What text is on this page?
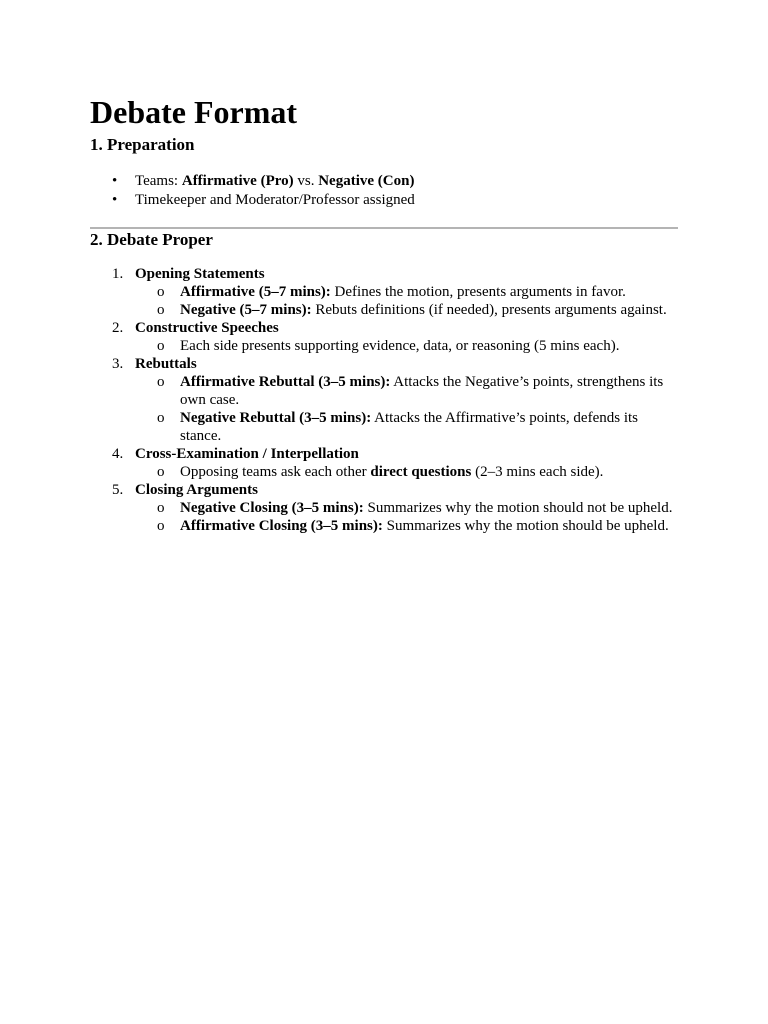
Debate Format
1. Preparation
• Teams: Affirmative (Pro) vs. Negative (Con)
• Timekeeper and Moderator/Professor assigned
2. Debate Proper
1. Opening Statements
o Affirmative (5–7 mins): Defines the motion, presents arguments in favor.
o Negative (5–7 mins): Rebuts definitions (if needed), presents arguments against.
2. Constructive Speeches
o Each side presents supporting evidence, data, or reasoning (5 mins each).
3. Rebuttals
o Affirmative Rebuttal (3–5 mins): Attacks the Negative’s points, strengthens its own case.
o Negative Rebuttal (3–5 mins): Attacks the Affirmative’s points, defends its stance.
4. Cross-Examination / Interpellation
o Opposing teams ask each other direct questions (2–3 mins each side).
5. Closing Arguments
o Negative Closing (3–5 mins): Summarizes why the motion should not be upheld.
o Affirmative Closing (3–5 mins): Summarizes why the motion should be upheld.
